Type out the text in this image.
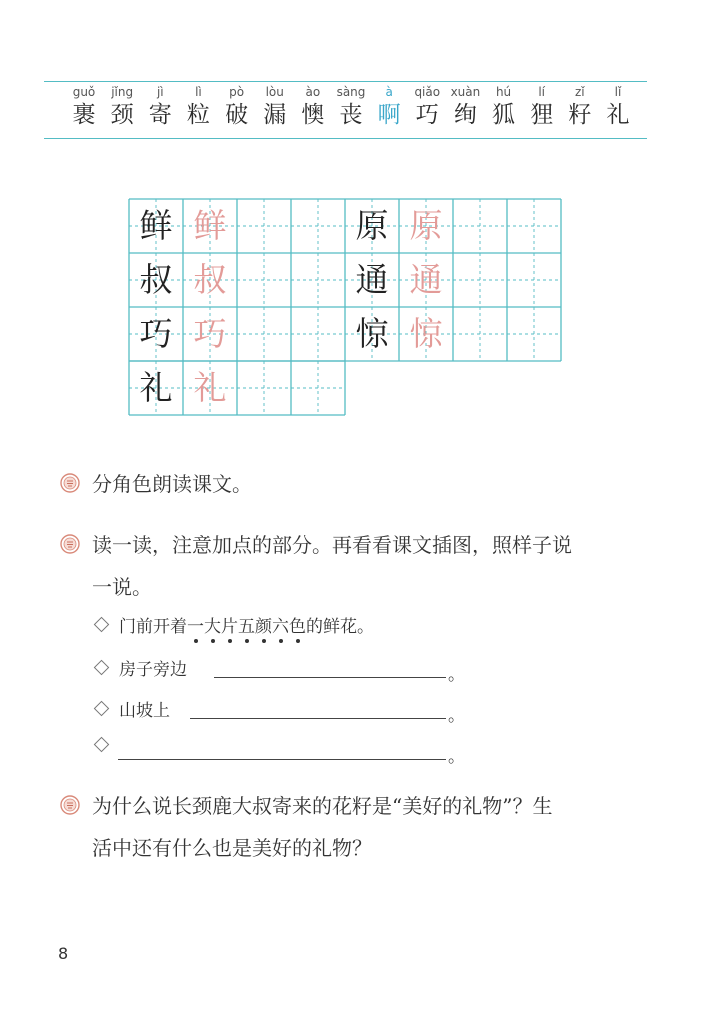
guǒ
裹
jǐng
颈
jì
寄
lì
粒
pò
破
lòu
漏
ào
懊
sàng
丧
à
啊
qiǎo
巧
xuàn
绚
hú
狐
lí
狸
zǐ
籽
lǐ
礼
鲜 鲜
叔 叔
巧 巧
礼 礼
原 原
通 通
惊 惊
分角色朗读课文。
读一读，注意加点的部分。再看看课文插图，照样子说
一说。
门前开着一大片五颜六色的鲜花。
房子旁边	。
山坡上	。
。
为什么说长颈鹿大叔寄来的花籽是“美好的礼物”？生
活中还有什么也是美好的礼物？
8
